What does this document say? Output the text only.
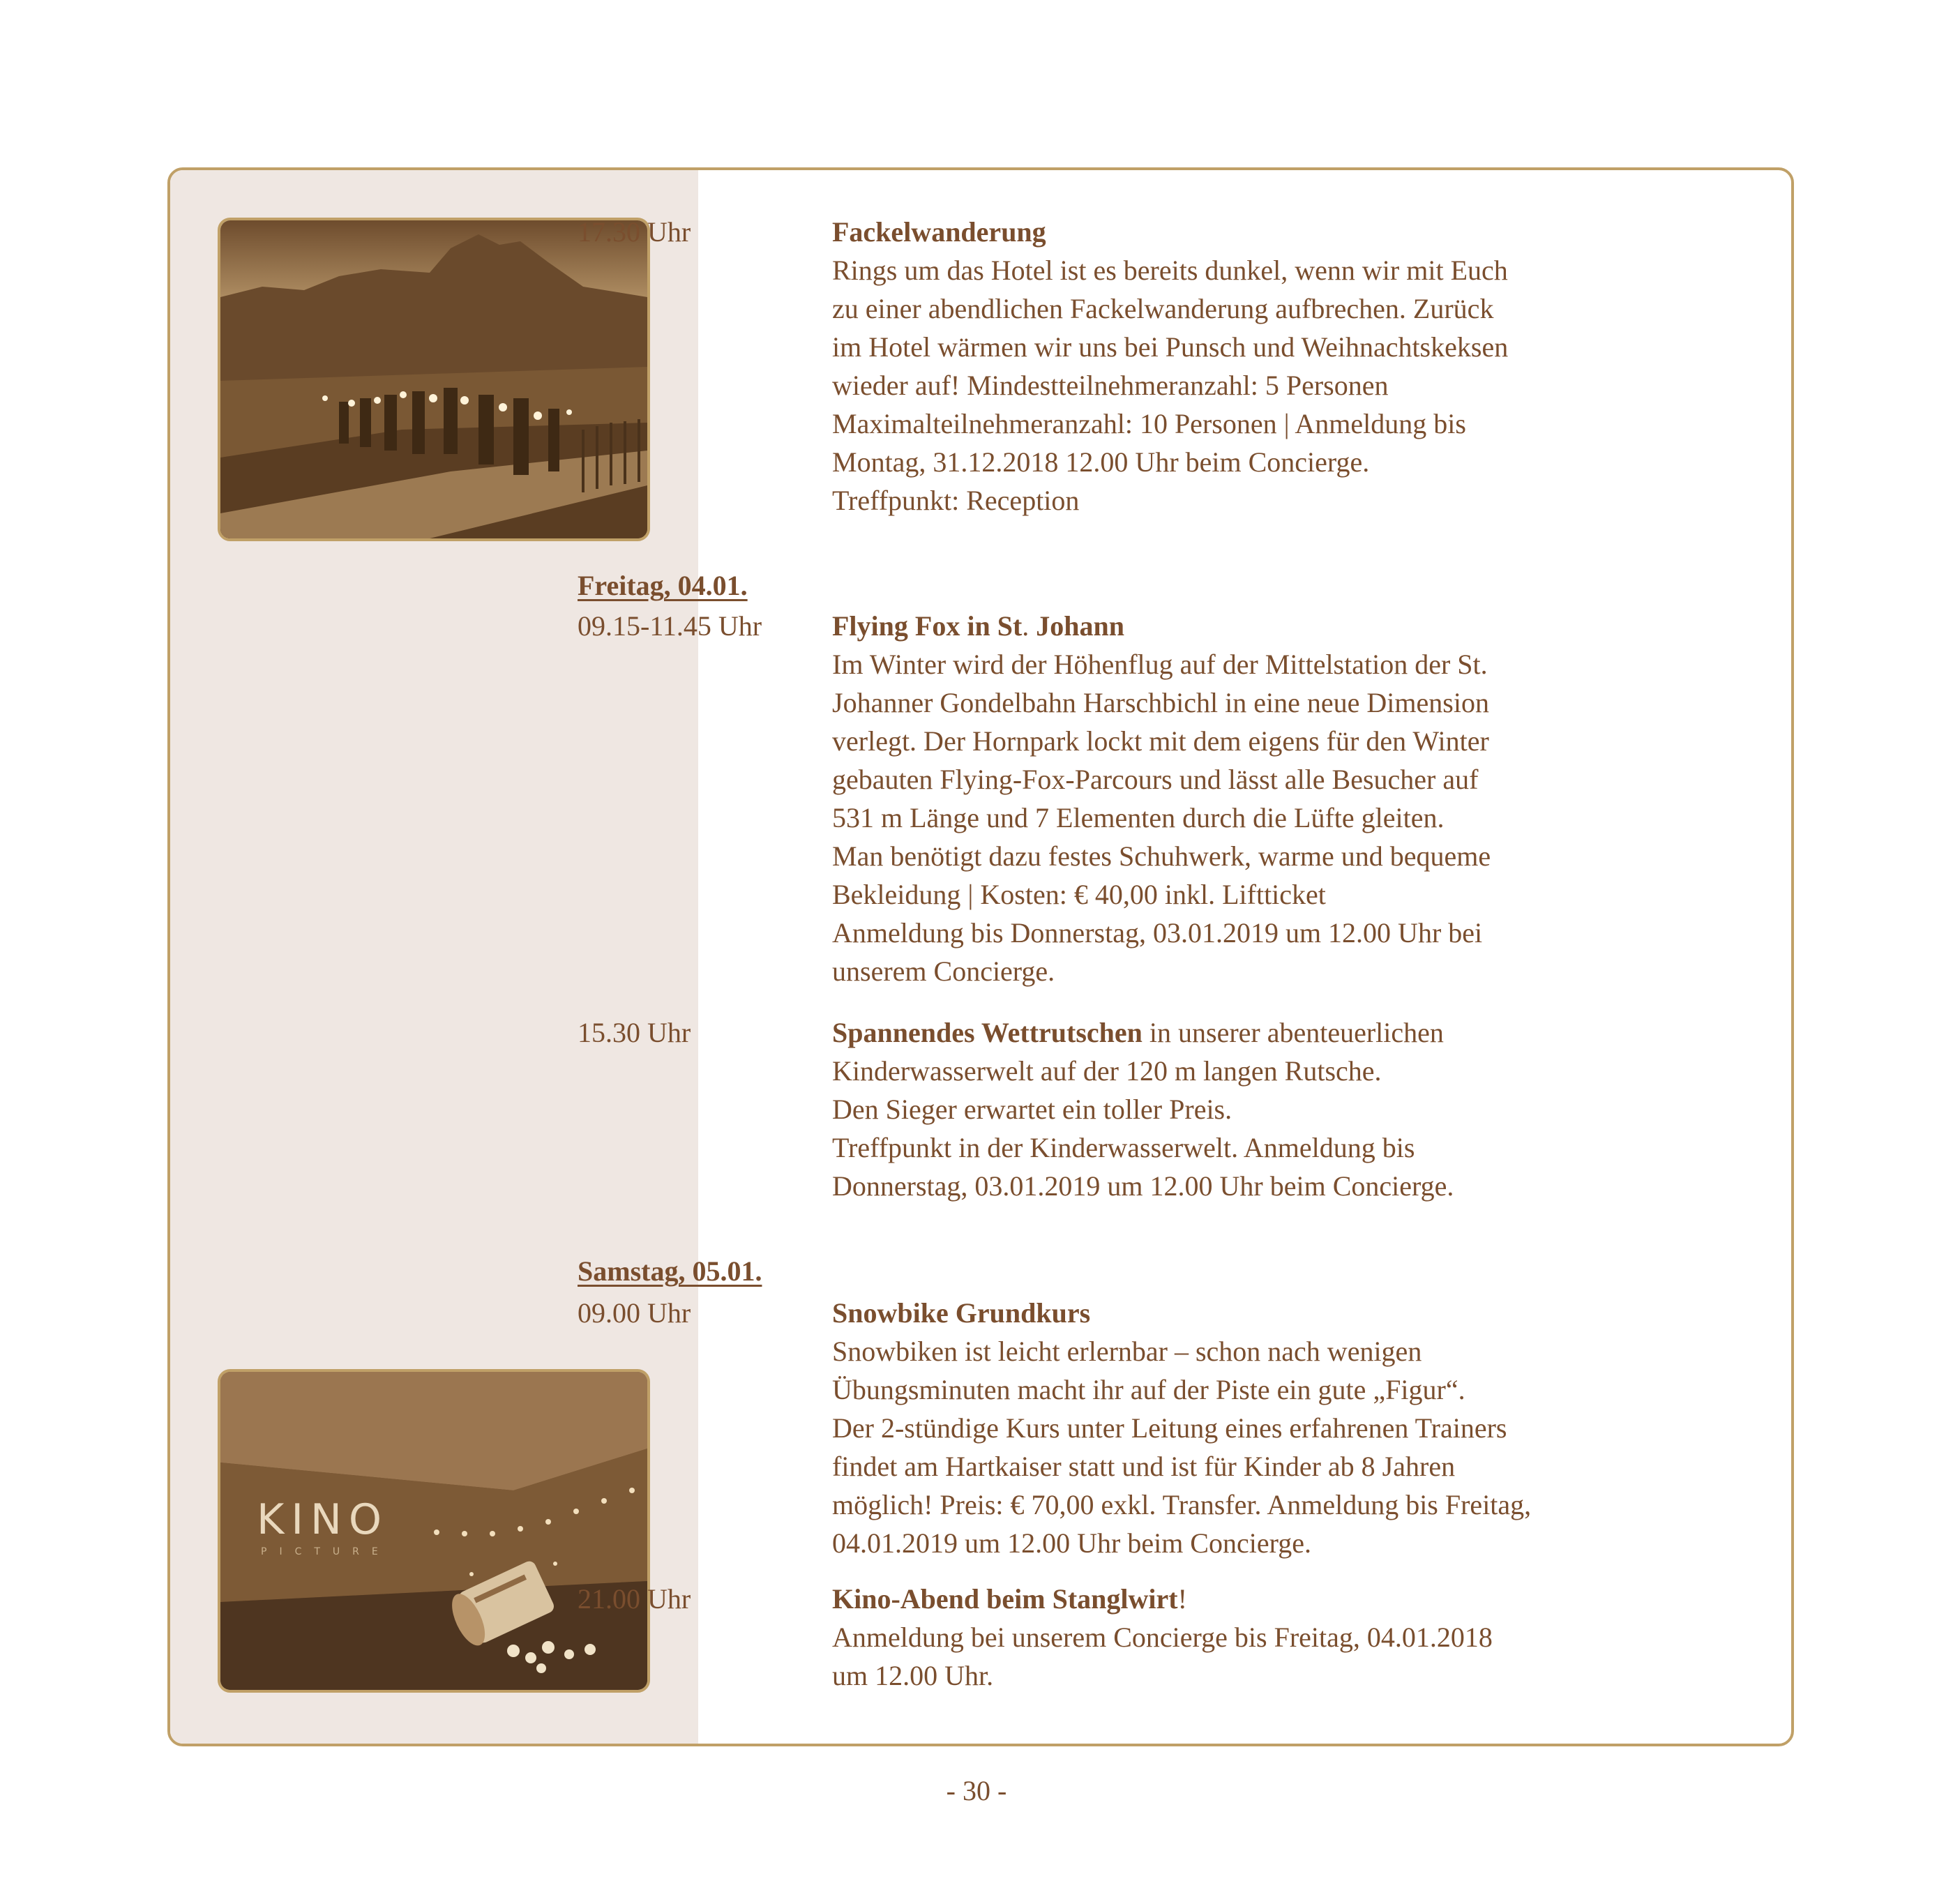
KINO
PICTURE
17.30 Uhr	Fackelwanderung
Rings um das Hotel ist es bereits dunkel, wenn wir mit Euch
zu einer abendlichen Fackelwanderung aufbrechen. Zurück
im Hotel wärmen wir uns bei Punsch und Weihnachtskeksen
wieder auf! Mindestteilnehmeranzahl: 5 Personen
Maximalteilnehmeranzahl: 10 Personen | Anmeldung bis
Montag, 31.12.2018 12.00 Uhr beim Concierge.
Treffpunkt: Reception
Freitag, 04.01.
09.15-11.45 Uhr	Flying Fox in St. Johann
Im Winter wird der Höhenflug auf der Mittelstation der St.
Johanner Gondelbahn Harschbichl in eine neue Dimension
verlegt. Der Hornpark lockt mit dem eigens für den Winter
gebauten Flying-Fox-Parcours und lässt alle Besucher auf
531 m Länge und 7 Elementen durch die Lüfte gleiten.
Man benötigt dazu festes Schuhwerk, warme und bequeme
Bekleidung | Kosten: € 40,00 inkl. Liftticket
Anmeldung bis Donnerstag, 03.01.2019 um 12.00 Uhr bei
unserem Concierge.
15.30 Uhr	Spannendes Wettrutschen in unserer abenteuerlichen
Kinderwasserwelt auf der 120 m langen Rutsche.
Den Sieger erwartet ein toller Preis.
Treffpunkt in der Kinderwasserwelt. Anmeldung bis
Donnerstag, 03.01.2019 um 12.00 Uhr beim Concierge.
Samstag, 05.01.
09.00 Uhr	Snowbike Grundkurs
Snowbiken ist leicht erlernbar – schon nach wenigen
Übungsminuten macht ihr auf der Piste ein gute „Figur“.
Der 2-stündige Kurs unter Leitung eines erfahrenen Trainers
findet am Hartkaiser statt und ist für Kinder ab 8 Jahren
möglich! Preis: € 70,00 exkl. Transfer. Anmeldung bis Freitag,
04.01.2019 um 12.00 Uhr beim Concierge.
21.00 Uhr	Kino-Abend beim Stanglwirt!
Anmeldung bei unserem Concierge bis Freitag, 04.01.2018
um 12.00 Uhr.
- 30 -
